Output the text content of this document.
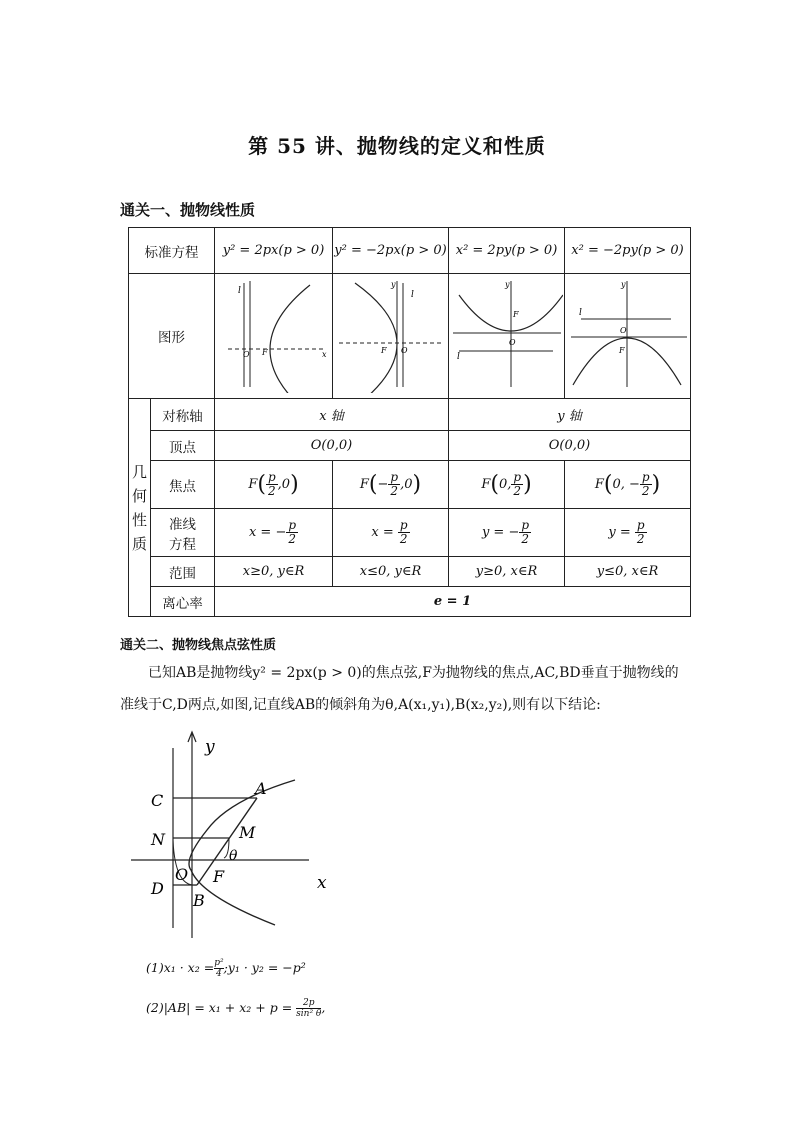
第 55 讲、抛物线的定义和性质
通关一、抛物线性质
标准方程		y² = 2px(p > 0)	y² = −2px(p > 0)	x² = 2py(p > 0)	x² = −2py(p > 0)
图形		l
O F x	y
l
F O	y
F
O
l	y
l
O
F

几
何
性
质	对称轴	x 轴		y 轴	
	顶点	O(0,0)		O(0,0)	
	焦点	$F( \frac{p}{2} ,0)$	$F(- \frac{p}{2} ,0)$	F(0, $\frac{p}{2}$ )	F(0, − $\frac{p}{2}$ )
	准线
方程	x = − $\frac{p}{2}$	$x = \frac{p}{2}$	y = − $\frac{p}{2}$	$y = \frac{p}{2}$

	范围	x≥0, y∈R	x≤0, y∈R	y≥0, x∈R	y≤0, x∈R
	离心率	e = 1			
通关二、抛物线焦点弦性质
已知AB是抛物线y² = 2px(p > 0)的焦点弦,F为抛物线的焦点,AC,BD垂直于抛物线的准线于C,D两点,如图,记直线AB的倾斜角为θ,A(x₁,y₁),B(x₂,y₂),则有以下结论:
y
x
A
B
C
N
D
M
O F
θ
$(1)x_1 \cdot x_2 = \frac{\text{p²}}{4};y_1 \cdot y_2 = -p^2$
$(2)|AB| = x_1 + x_2 + p = \frac{2p}{\text{sin² θ}}$,
